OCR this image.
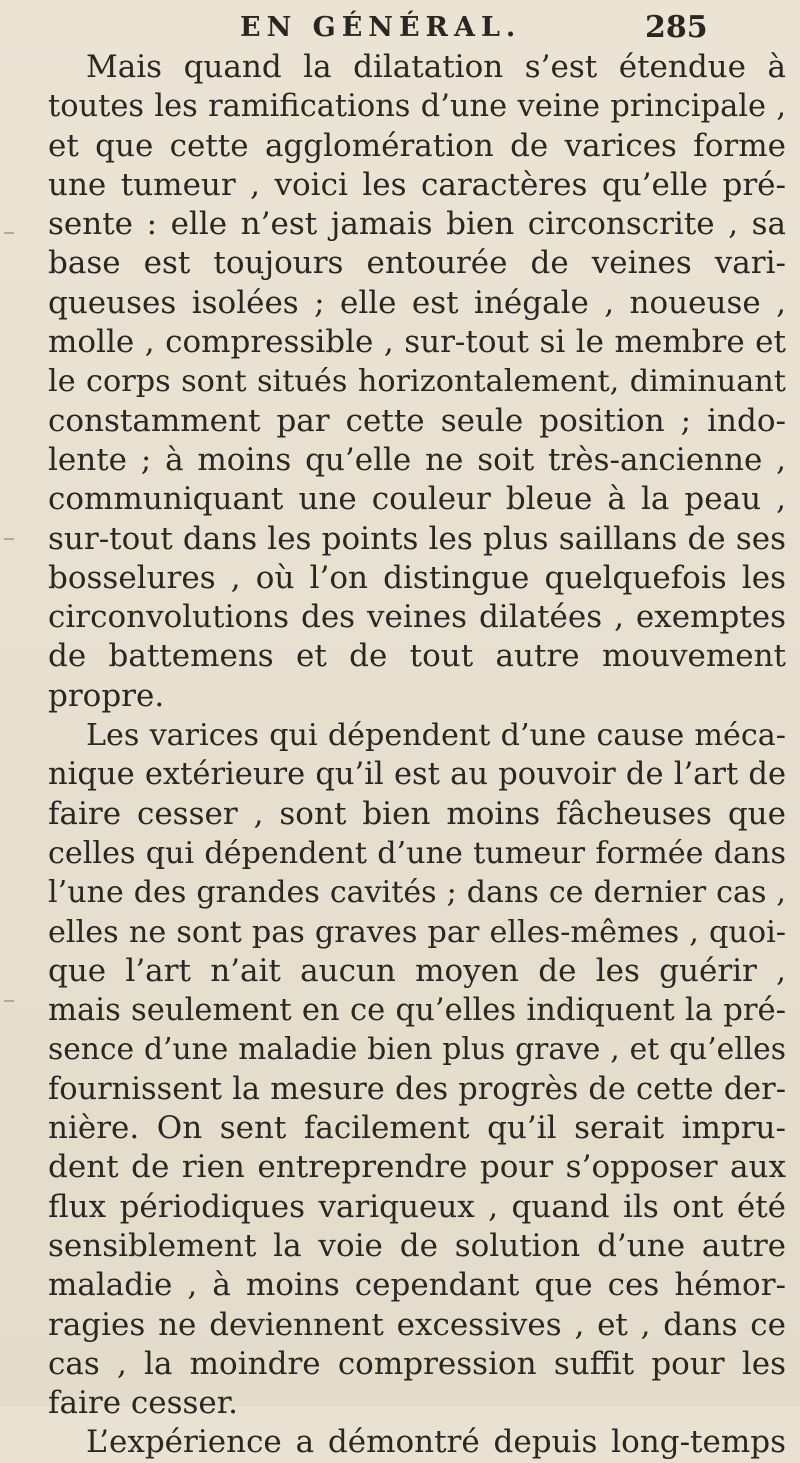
EN GÉNÉRAL.	285
Mais quand la dilatation s’est étendue à
toutes les ramifications d’une veine principale ,
et que cette agglomération de varices forme
une tumeur , voici les caractères qu’elle pré-
sente : elle n’est jamais bien circonscrite , sa
base est toujours entourée de veines vari-
queuses isolées ; elle est inégale , noueuse ,
molle , compressible , sur-tout si le membre et
le corps sont situés horizontalement, diminuant
constamment par cette seule position ; indo-
lente ; à moins qu’elle ne soit très-ancienne ,
communiquant une couleur bleue à la peau ,
sur-tout dans les points les plus saillans de ses
bosselures , où l’on distingue quelquefois les
circonvolutions des veines dilatées , exemptes
de battemens et de tout autre mouvement
propre.
Les varices qui dépendent d’une cause méca-
nique extérieure qu’il est au pouvoir de l’art de
faire cesser , sont bien moins fâcheuses que
celles qui dépendent d’une tumeur formée dans
l’une des grandes cavités ; dans ce dernier cas ,
elles ne sont pas graves par elles-mêmes , quoi-
que l’art n’ait aucun moyen de les guérir ,
mais seulement en ce qu’elles indiquent la pré-
sence d’une maladie bien plus grave , et qu’elles
fournissent la mesure des progrès de cette der-
nière. On sent facilement qu’il serait impru-
dent de rien entreprendre pour s’opposer aux
flux périodiques variqueux , quand ils ont été
sensiblement la voie de solution d’une autre
maladie , à moins cependant que ces hémor-
ragies ne deviennent excessives , et , dans ce
cas , la moindre compression suffit pour les
faire cesser.
L’expérience a démontré depuis long-temps
